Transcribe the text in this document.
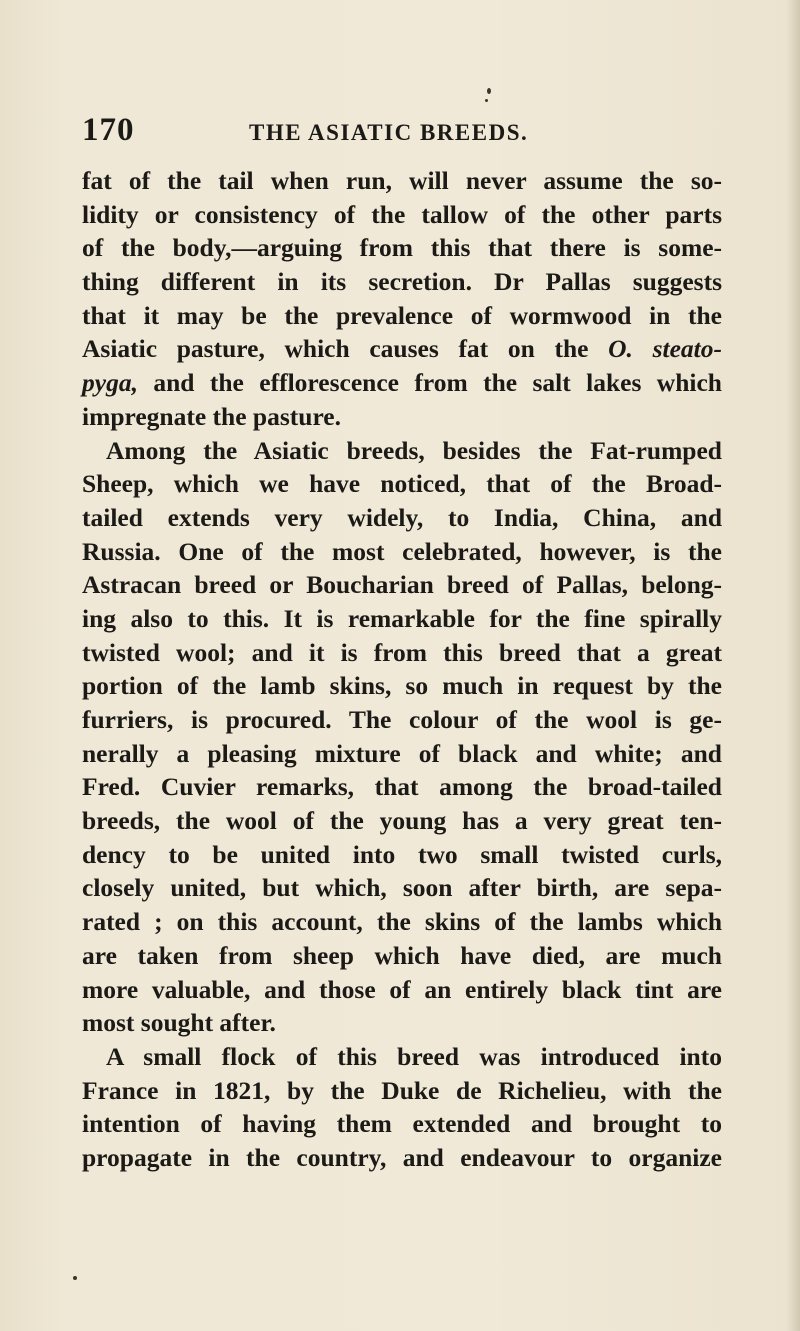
170	THE ASIATIC BREEDS.
fat of the tail when run, will never assume the so-
lidity or consistency of the tallow of the other parts
of the body,—arguing from this that there is some-
thing different in its secretion. Dr Pallas suggests
that it may be the prevalence of wormwood in the
Asiatic pasture, which causes fat on the O. steato-
pyga, and the efflorescence from the salt lakes which
impregnate the pasture.
Among the Asiatic breeds, besides the Fat-rumped
Sheep, which we have noticed, that of the Broad-
tailed extends very widely, to India, China, and
Russia. One of the most celebrated, however, is the
Astracan breed or Boucharian breed of Pallas, belong-
ing also to this. It is remarkable for the fine spirally
twisted wool; and it is from this breed that a great
portion of the lamb skins, so much in request by the
furriers, is procured. The colour of the wool is ge-
nerally a pleasing mixture of black and white; and
Fred. Cuvier remarks, that among the broad-tailed
breeds, the wool of the young has a very great ten-
dency to be united into two small twisted curls,
closely united, but which, soon after birth, are sepa-
rated ; on this account, the skins of the lambs which
are taken from sheep which have died, are much
more valuable, and those of an entirely black tint are
most sought after.
A small flock of this breed was introduced into
France in 1821, by the Duke de Richelieu, with the
intention of having them extended and brought to
propagate in the country, and endeavour to organize
